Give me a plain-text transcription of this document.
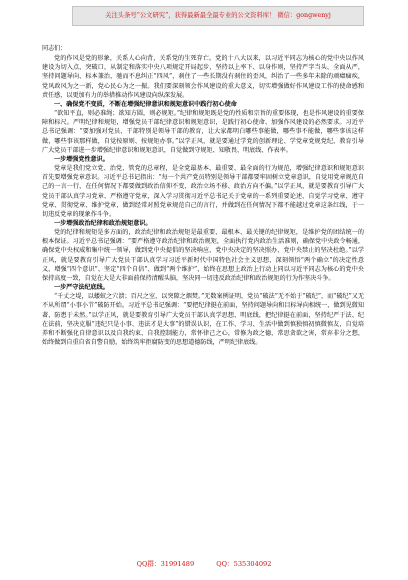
关注头条号“公文研究”，获得最新最全最专业的公文资料库！ 微信：gongwenyj

同志们：

党的作风是党的形象，关系人心向背，关系党的生死存亡。党的十八大以来，以习近平同志为核心的党中央以作风建设为切入点、突破口，从制定和落实中央八项规定开局起步，坚持以上率下、以身作则，坚持严字当头、全面从严，坚持问题导向、标本兼治，驰而不息纠正“四风”，刹住了一些长期没有刹住的歪风，纠治了一些多年未除的顽瘴痼疾，党风政风为之一新，党心民心为之一振。我们要深刻领会作风建设的重大意义，切实增强做好作风建设工作的使命感和责任感，以更加有力的举措推动作风建设向纵深发展。

一、确保党不变质，不断在增强纪律意识和规矩意识中践行初心使命

“欲知平直，则必准绳；欲知方圆，则必规矩。”纪律和规矩既是党的性质和宗旨的重要体现，也是作风建设的重要保障和标尺。严明纪律和规矩，增强党员干部纪律意识和规矩意识，是践行初心使命、加强作风建设的必然要求。习近平总书记强调：“要加强对党员、干部特别是领导干部的教育，让大家都明白哪些事能做，哪些事不能做，哪些事该这样做，哪些事该那样做，自觉按原则、按规矩办事。”以学正风，就是要通过学党的创新理论、学党章党规党纪，教育引导广大党员干部进一步增强纪律意识和规矩意识，自觉做到守规矩、知敬畏、明底线、作表率。

一步增强党性意识。

党章是我们党立党、治党、管党的总章程，是全党最基本、最重要、最全面的行为规范，增强纪律意识和规矩意识首先要增强党章意识。习近平总书记指出：“每一个共产党员特别是领导干部都要牢固树立党章意识，自觉用党章规范自己的一言一行，在任何情况下都要做到政治信仰不变、政治立场不移、政治方向不偏。”以学正风，就是要教育引导广大党员干部认真学习党章、严格遵守党章，深入学习贯彻习近平总书记关于党章的一系列重要论述，自觉学习党章、遵守党章、贯彻党章、维护党章，做到经常对照党章规范自己的言行，并做到在任何情况下都不能越过党章这条红线，于一切违反党章的现象作斗争。

一步增强政治纪律和政治规矩意识。

党的纪律和规矩是多方面的，政治纪律和政治规矩是最重要、最根本、最关键的纪律规矩，是维护党的团结统一的根本保证。习近平总书记强调：“要严格遵守政治纪律和政治规矩，全面执行党内政治生活准则，确保党中央政令畅通，确保党中央权威和集中统一领导，做到党中央提倡的坚决响应、党中央决定的坚决照办、党中央禁止的坚决杜绝。”以学正风，就是要教育引导广大党员干部认真学习习近平新时代中国特色社会主义思想，深刻领悟“两个确立”的决定性意义，增强“四个意识”、坚定“四个自信”、做到“两个维护”，始终在思想上政治上行动上同以习近平同志为核心的党中央保持高度一致，自觉在大是大非面前保持清醒头脑，坚决同一切违反政治纪律和政治规矩的行为作坚决斗争。

一步严守法纪底线。

“千丈之堤，以蝼蚁之穴溃；百尺之室，以突隙之烟焚。”无数案例证明，党员“破法”无不始于“破纪”，而“破纪”又无不从所谓“小事小节”破防开始。习近平总书记强调：“要把纪律挺在前面，坚持问题导向和目标导向相统一，做到见微知著、防患于未然。”以学正风，就是要教育引导广大党员干部认真学思想、明底线，把纪律挺在前面，坚持纪严于法、纪在法前，坚决克服“违纪只是小事、违法才是大事”的错误认识，在工作、学习、生活中做到慎独慎初慎微慎友，自觉培养和不断强化自律意识以及自我约束、自我控制能力，常怀律己之心，常修为政之德，常思贪欲之害，常弃非分之想，始终做到自重自省自警自励，始终筑牢拒腐防变的思想道德防线，严明纪律底线。

QQ群：31991489	QQ：535304092
